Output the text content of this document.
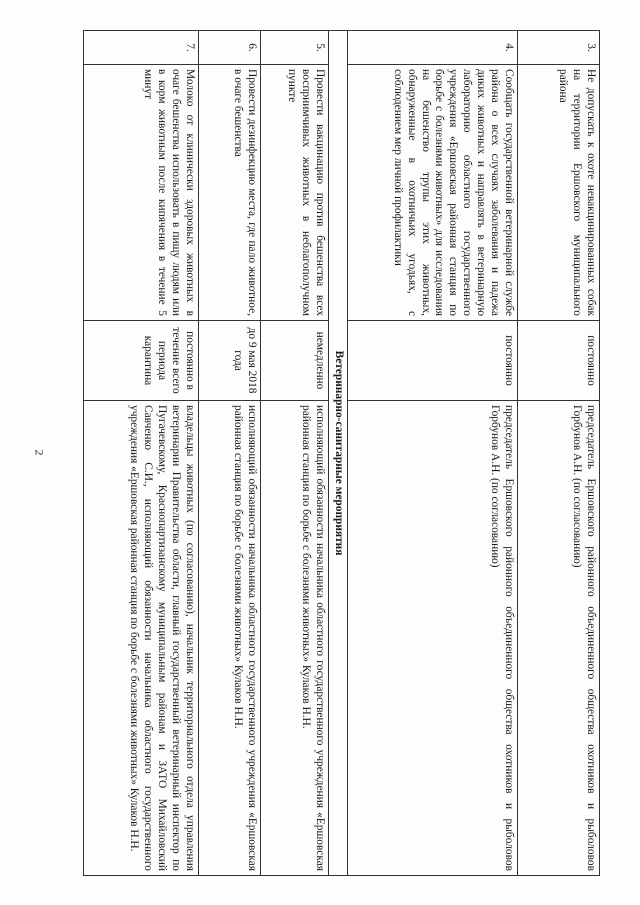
2
3.	Не допускать к охоте невакцинированных собак на территории Ершовского муниципального района	постоянно	председатель Ершовского районного объединенного общества охотников и рыболовов Горбунов А.Н. (по согласованию)
4.	Сообщать государственной ветеринарной службе района о всех случаях заболевания и падежа диких животных и направлять в ветеринарную лабораторию областного государственного учреждения «Ершовская районная станция по борьбе с болезнями животных» для исследования на бешенство трупы этих животных, обнаруженные в охотничьих угодьях, с соблюдением мер личной профилактики	постоянно	председатель Ершовского районного объединенного общества охотников и рыболовов Горбунов А.Н. (по согласованию)
Ветеринарно-санитарные мероприятия			
5.	Провести вакцинацию против бешенства всех восприимчивых животных в неблагополучном пункте	немедленно	исполняющий обязанности начальника областного государственного учреждения «Ершовская районная станция по борьбе с болезнями животных» Кулаков Н.Н.
6.	Провести дезинфекцию места, где пало животное, в очаге бешенства	до 9 мая 2018 года	исполняющий обязанности начальника областного государственного учреждения «Ершовская районная станция по борьбе с болезнями животных» Кулаков Н.Н.
7.	Молоко от клинически здоровых животных в очаге бешенства использовать в пищу людям или в корм животным после кипячения в течение 5 минут	постоянно в течение всего периода карантина	владельцы животных (по согласованию), начальник территориального отдела управления ветеринарии Правительства области, главный государственный ветеринарный инспектор по Пугачевскому, Краснопартизанскому муниципальным районам и ЗАТО Михайловский Савченко С.И., исполняющий обязанности начальника областного государственного учреждения «Ершовская районная станция по борьбе с болезнями животных» Кулаков Н.Н.
